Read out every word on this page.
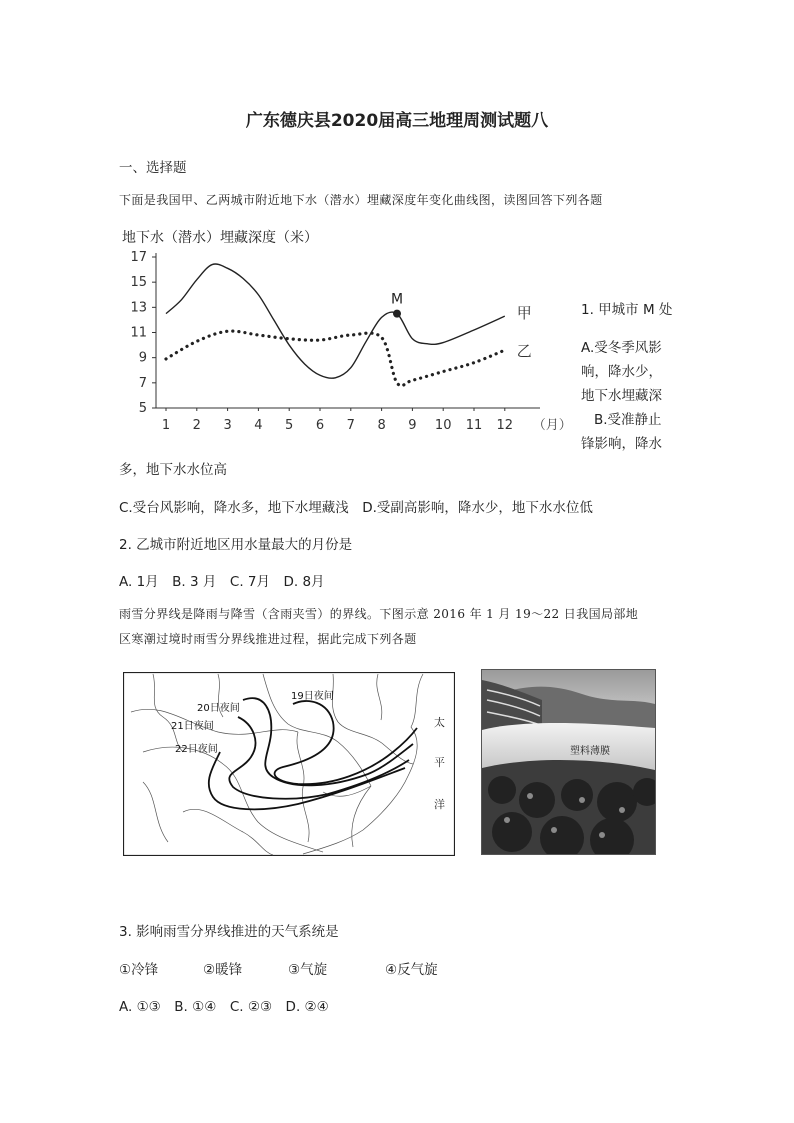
广东德庆县2020届高三地理周测试题八

一、选择题

下面是我国甲、乙两城市附近地下水（潜水）埋藏深度年变化曲线图，读图回答下列各题

地下水（潜水）埋藏深度（米）
5
7
9
11
13
15
17
1 2 3 4 5 6 7 8 9 10 11 12 （月）
甲
乙
M

1. 甲城市 M 处

A.受冬季风影

响，降水少，

地下水埋藏深

B.受准静止

锋影响，降水

多，地下水水位高

C.受台风影响，降水多，地下水埋藏浅　D.受副高影响，降水少，地下水水位低

2. 乙城市附近地区用水量最大的月份是

A. 1月　B. 3 月　C. 7月　D. 8月

雨雪分界线是降雨与降雪（含雨夹雪）的界线。下图示意 2016 年 1 月 19～22 日我国局部地

区寒潮过境时雨雪分界线推进过程，据此完成下列各题

19日夜间
20日夜间
21日夜间
22日夜间
太
平
洋
塑料薄膜

3. 影响雨雪分界线推进的天气系统是

①冷锋	②暖锋	③气旋	④反气旋

A. ①③　B. ①④　C. ②③　D. ②④
